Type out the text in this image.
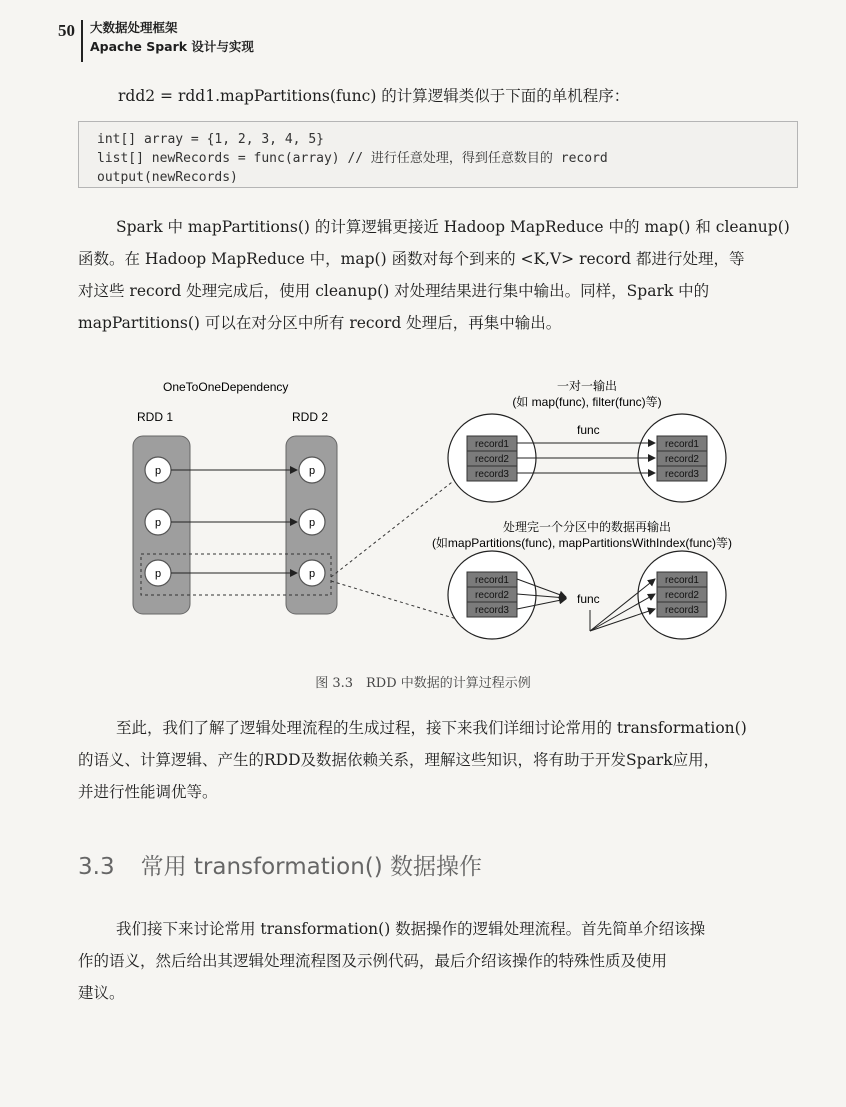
50 大数据处理框架
Apache Spark 设计与实现
rdd2 = rdd1.mapPartitions(func) 的计算逻辑类似于下面的单机程序：
int[] array = {1, 2, 3, 4, 5}
list[] newRecords = func(array) // 进行任意处理，得到任意数目的 record
output(newRecords)
Spark 中 mapPartitions() 的计算逻辑更接近 Hadoop MapReduce 中的 map() 和 cleanup()
函数。在 Hadoop MapReduce 中，map() 函数对每个到来的 <K,V> record 都进行处理，等
对这些 record 处理完成后，使用 cleanup() 对处理结果进行集中输出。同样，Spark 中的
mapPartitions() 可以在对分区中所有 record 处理后，再集中输出。
OneToOneDependency
RDD 1	RDD 2
p
p
p
p
p
p
一对一输出
(如 map(func), filter(func)等)
func
record1
record2
record3
record1
record2
record3
处理完一个分区中的数据再输出
(如mapPartitions(func), mapPartitionsWithIndex(func)等)
record1
record2
record3
record1
record2
record3
func
图 3.3　RDD 中数据的计算过程示例
至此，我们了解了逻辑处理流程的生成过程，接下来我们详细讨论常用的 transformation()
的语义、计算逻辑、产生的RDD及数据依赖关系，理解这些知识，将有助于开发Spark应用，
并进行性能调优等。
3.3 常用 transformation() 数据操作
我们接下来讨论常用 transformation() 数据操作的逻辑处理流程。首先简单介绍该操
作的语义，然后给出其逻辑处理流程图及示例代码，最后介绍该操作的特殊性质及使用
建议。
